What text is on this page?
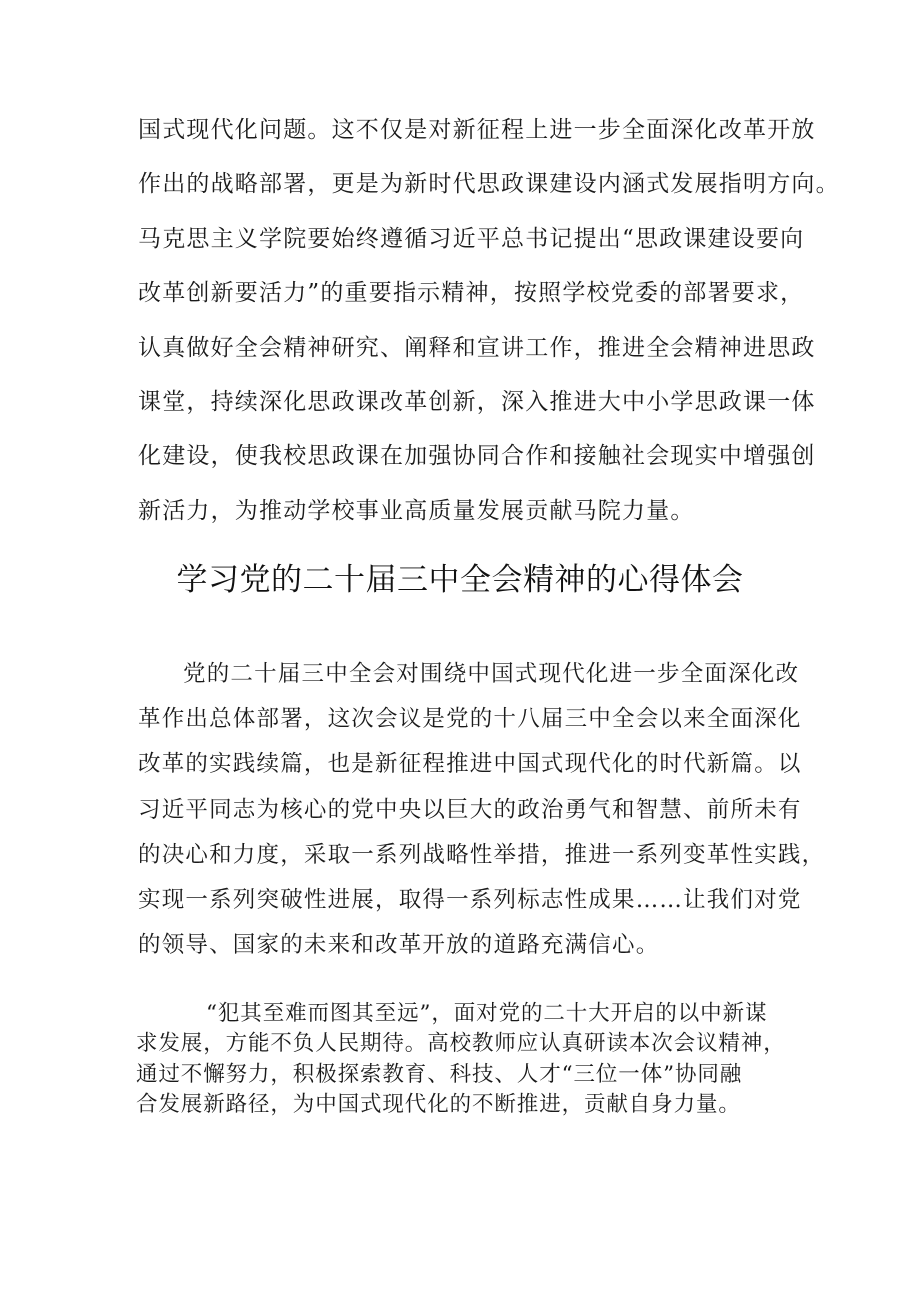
国式现代化问题。这不仅是对新征程上进一步全面深化改革开放
作出的战略部署，更是为新时代思政课建设内涵式发展指明方向。
马克思主义学院要始终遵循习近平总书记提出“思政课建设要向
改革创新要活力”的重要指示精神，按照学校党委的部署要求，
认真做好全会精神研究、阐释和宣讲工作，推进全会精神进思政
课堂，持续深化思政课改革创新，深入推进大中小学思政课一体
化建设，使我校思政课在加强协同合作和接触社会现实中增强创
新活力，为推动学校事业高质量发展贡献马院力量。
学习党的二十届三中全会精神的心得体会
党的二十届三中全会对围绕中国式现代化进一步全面深化改
革作出总体部署，这次会议是党的十八届三中全会以来全面深化
改革的实践续篇，也是新征程推进中国式现代化的时代新篇。以
习近平同志为核心的党中央以巨大的政治勇气和智慧、前所未有
的决心和力度，采取一系列战略性举措，推进一系列变革性实践，
实现一系列突破性进展，取得一系列标志性成果……让我们对党
的领导、国家的未来和改革开放的道路充满信心。
“犯其至难而图其至远”，面对党的二十大开启的以中新谋
求发展，方能不负人民期待。高校教师应认真研读本次会议精神，
通过不懈努力，积极探索教育、科技、人才“三位一体”协同融
合发展新路径，为中国式现代化的不断推进，贡献自身力量。
